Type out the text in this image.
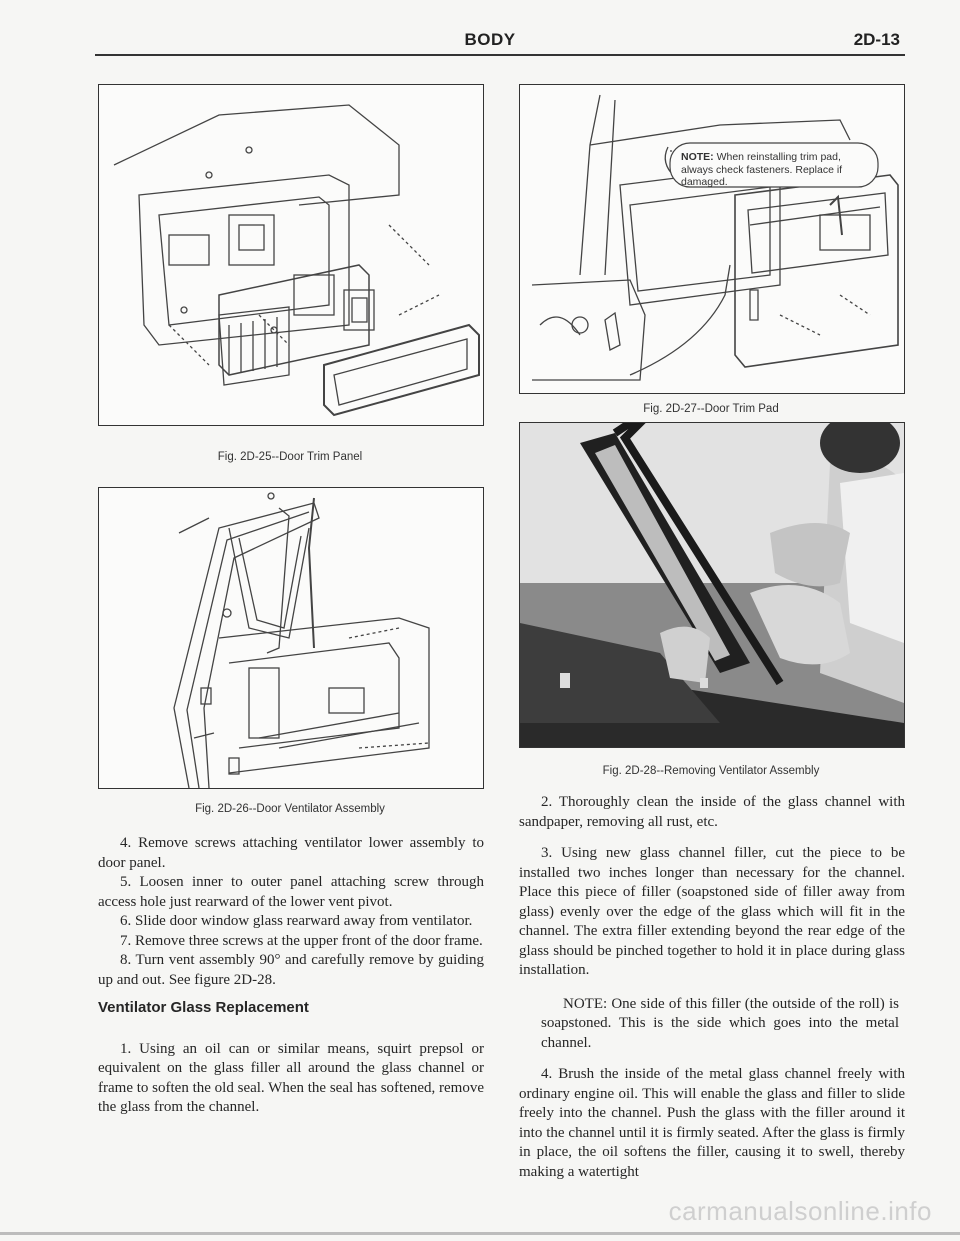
BODY	2D-13
Fig. 2D-25--Door Trim Panel
Fig. 2D-26--Door Ventilator Assembly
NOTE: When reinstalling trim pad, always check fasteners. Replace if damaged.
Fig. 2D-27--Door Trim Pad
Fig. 2D-28--Removing Ventilator Assembly

4. Remove screws attaching ventilator lower assembly to door panel.

5. Loosen inner to outer panel attaching screw through access hole just rearward of the lower vent pivot.

6. Slide door window glass rearward away from ventilator.

7. Remove three screws at the upper front of the door frame.

8. Turn vent assembly 90° and carefully remove by guiding up and out. See figure 2D-28.

Ventilator Glass Replacement

1. Using an oil can or similar means, squirt prepsol or equivalent on the glass filler all around the glass channel or frame to soften the old seal. When the seal has softened, remove the glass from the channel.

2. Thoroughly clean the inside of the glass channel with sandpaper, removing all rust, etc.

3. Using new glass channel filler, cut the piece to be installed two inches longer than necessary for the channel. Place this piece of filler (soapstoned side of filler away from glass) evenly over the edge of the glass which will fit in the channel. The extra filler extending beyond the rear edge of the glass should be pinched together to hold it in place during glass installation.

NOTE: One side of this filler (the outside of the roll) is soapstoned. This is the side which goes into the metal channel.

4. Brush the inside of the metal glass channel freely with ordinary engine oil. This will enable the glass and filler to slide freely into the channel. Push the glass with the filler around it into the channel until it is firmly seated. After the glass is firmly in place, the oil softens the filler, causing it to swell, thereby making a watertight

carmanualsonline.info
